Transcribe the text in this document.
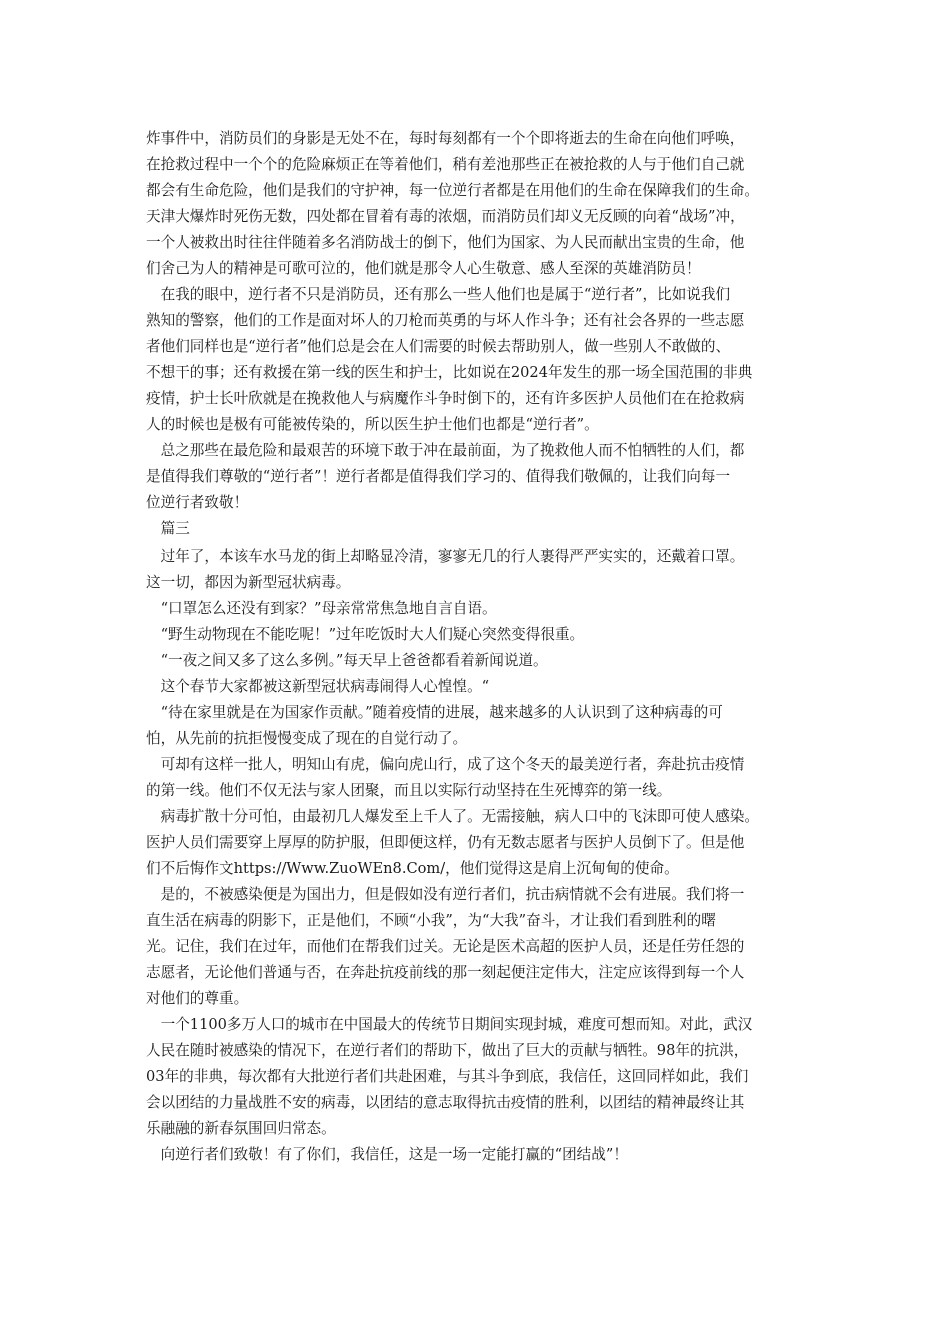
炸事件中，消防员们的身影是无处不在，每时每刻都有一个个即将逝去的生命在向他们呼唤，
在抢救过程中一个个的危险麻烦正在等着他们，稍有差池那些正在被抢救的人与于他们自己就
都会有生命危险，他们是我们的守护神，每一位逆行者都是在用他们的生命在保障我们的生命。
天津大爆炸时死伤无数，四处都在冒着有毒的浓烟，而消防员们却义无反顾的向着“战场”冲，
一个人被救出时往往伴随着多名消防战士的倒下，他们为国家、为人民而献出宝贵的生命，他
们舍己为人的精神是可歌可泣的，他们就是那令人心生敬意、感人至深的英雄消防员！
　在我的眼中，逆行者不只是消防员，还有那么一些人他们也是属于“逆行者”，比如说我们
熟知的警察，他们的工作是面对坏人的刀枪而英勇的与坏人作斗争；还有社会各界的一些志愿
者他们同样也是“逆行者”他们总是会在人们需要的时候去帮助别人，做一些别人不敢做的、
不想干的事；还有救援在第一线的医生和护士，比如说在2024年发生的那一场全国范围的非典
疫情，护士长叶欣就是在挽救他人与病魔作斗争时倒下的，还有许多医护人员他们在在抢救病
人的时候也是极有可能被传染的，所以医生护士他们也都是“逆行者”。
　总之那些在最危险和最艰苦的环境下敢于冲在最前面，为了挽救他人而不怕牺牲的人们，都
是值得我们尊敬的“逆行者”！逆行者都是值得我们学习的、值得我们敬佩的，让我们向每一
位逆行者致敬！
　篇三
　过年了，本该车水马龙的街上却略显冷清，寥寥无几的行人裹得严严实实的，还戴着口罩。
这一切，都因为新型冠状病毒。
　“口罩怎么还没有到家？”母亲常常焦急地自言自语。
　“野生动物现在不能吃呢！”过年吃饭时大人们疑心突然变得很重。
　“一夜之间又多了这么多例。”每天早上爸爸都看着新闻说道。
　这个春节大家都被这新型冠状病毒闹得人心惶惶。“
　“待在家里就是在为国家作贡献。”随着疫情的进展，越来越多的人认识到了这种病毒的可
怕，从先前的抗拒慢慢变成了现在的自觉行动了。
　可却有这样一批人，明知山有虎，偏向虎山行，成了这个冬天的最美逆行者，奔赴抗击疫情
的第一线。他们不仅无法与家人团聚，而且以实际行动坚持在生死博弈的第一线。
　病毒扩散十分可怕，由最初几人爆发至上千人了。无需接触，病人口中的飞沫即可使人感染。
医护人员们需要穿上厚厚的防护服，但即便这样，仍有无数志愿者与医护人员倒下了。但是他
们不后悔作文https://Www.ZuoWEn8.Com/，他们觉得这是肩上沉甸甸的使命。
　是的，不被感染便是为国出力，但是假如没有逆行者们，抗击病情就不会有进展。我们将一
直生活在病毒的阴影下，正是他们，不顾“小我”，为“大我”奋斗，才让我们看到胜利的曙
光。记住，我们在过年，而他们在帮我们过关。无论是医术高超的医护人员，还是任劳任怨的
志愿者，无论他们普通与否，在奔赴抗疫前线的那一刻起便注定伟大，注定应该得到每一个人
对他们的尊重。
　一个1100多万人口的城市在中国最大的传统节日期间实现封城，难度可想而知。对此，武汉
人民在随时被感染的情况下，在逆行者们的帮助下，做出了巨大的贡献与牺牲。98年的抗洪，
03年的非典，每次都有大批逆行者们共赴困难，与其斗争到底，我信任，这回同样如此，我们
会以团结的力量战胜不安的病毒，以团结的意志取得抗击疫情的胜利，以团结的精神最终让其
乐融融的新春氛围回归常态。
　向逆行者们致敬！有了你们，我信任，这是一场一定能打赢的“团结战”！
